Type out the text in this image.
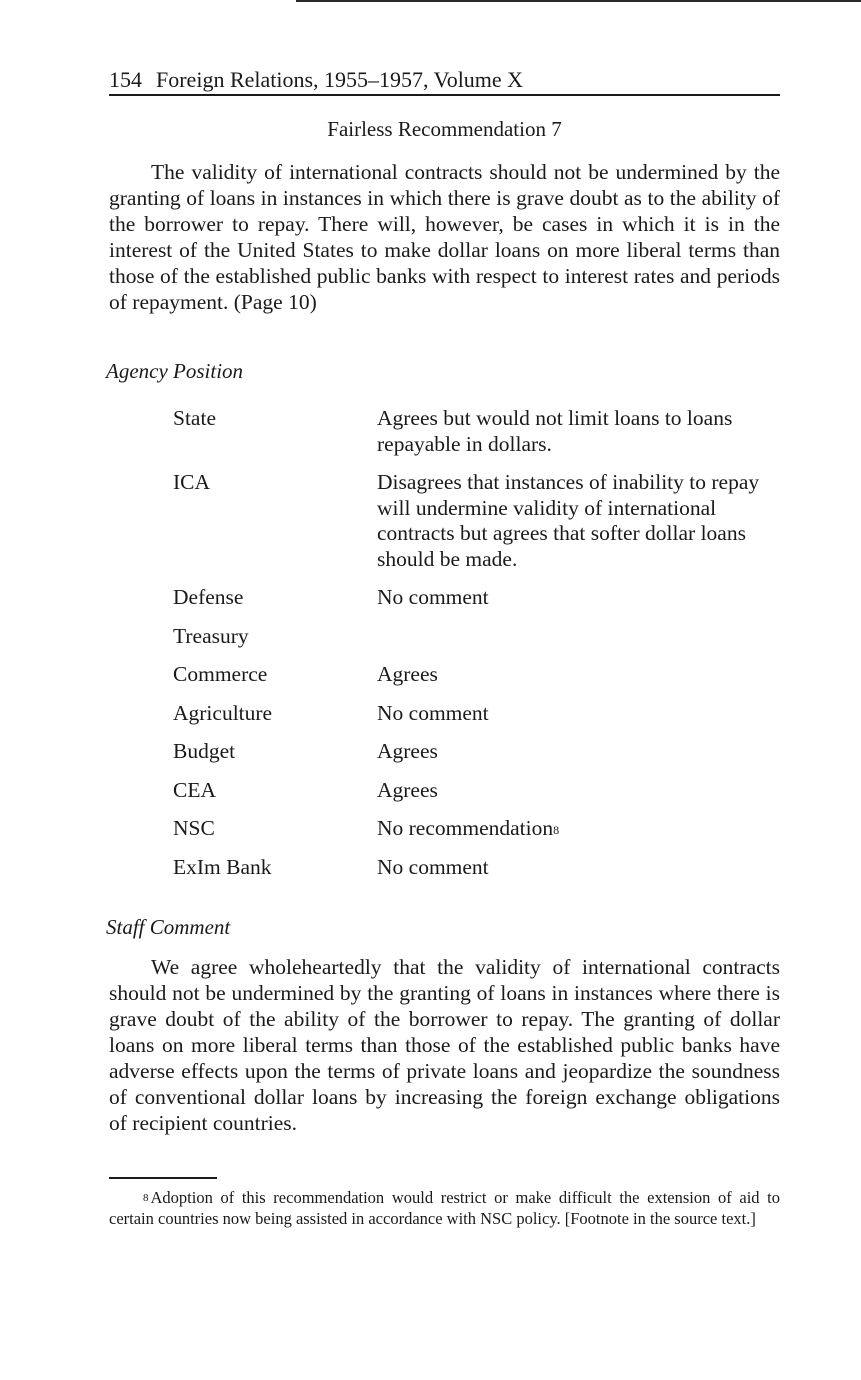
154 Foreign Relations, 1955–1957, Volume X
Fairless Recommendation 7

The validity of international contracts should not be undermined by the granting of loans in instances in which there is grave doubt as to the ability of the borrower to repay. There will, however, be cases in which it is in the interest of the United States to make dollar loans on more liberal terms than those of the established public banks with respect to interest rates and periods of repayment. (Page 10)

Agency Position
State	Agrees but would not limit loans to loans repayable in dollars.
ICA	Disagrees that instances of inability to repay will undermine validity of international contracts but agrees that softer dollar loans should be made.
Defense	No comment
Treasury
Commerce	Agrees
Agriculture	No comment
Budget	Agrees
CEA	Agrees
NSC	No recommendation$^8$
ExIm Bank	No comment
Staff Comment

We agree wholeheartedly that the validity of international contracts should not be undermined by the granting of loans in instances where there is grave doubt of the ability of the borrower to repay. The granting of dollar loans on more liberal terms than those of the established public banks have adverse effects upon the terms of private loans and jeopardize the soundness of conventional dollar loans by increasing the foreign exchange obligations of recipient countries.

$^8$ Adoption of this recommendation would restrict or make difficult the extension of aid to certain countries now being assisted in accordance with NSC policy. [Footnote in the source text.]
